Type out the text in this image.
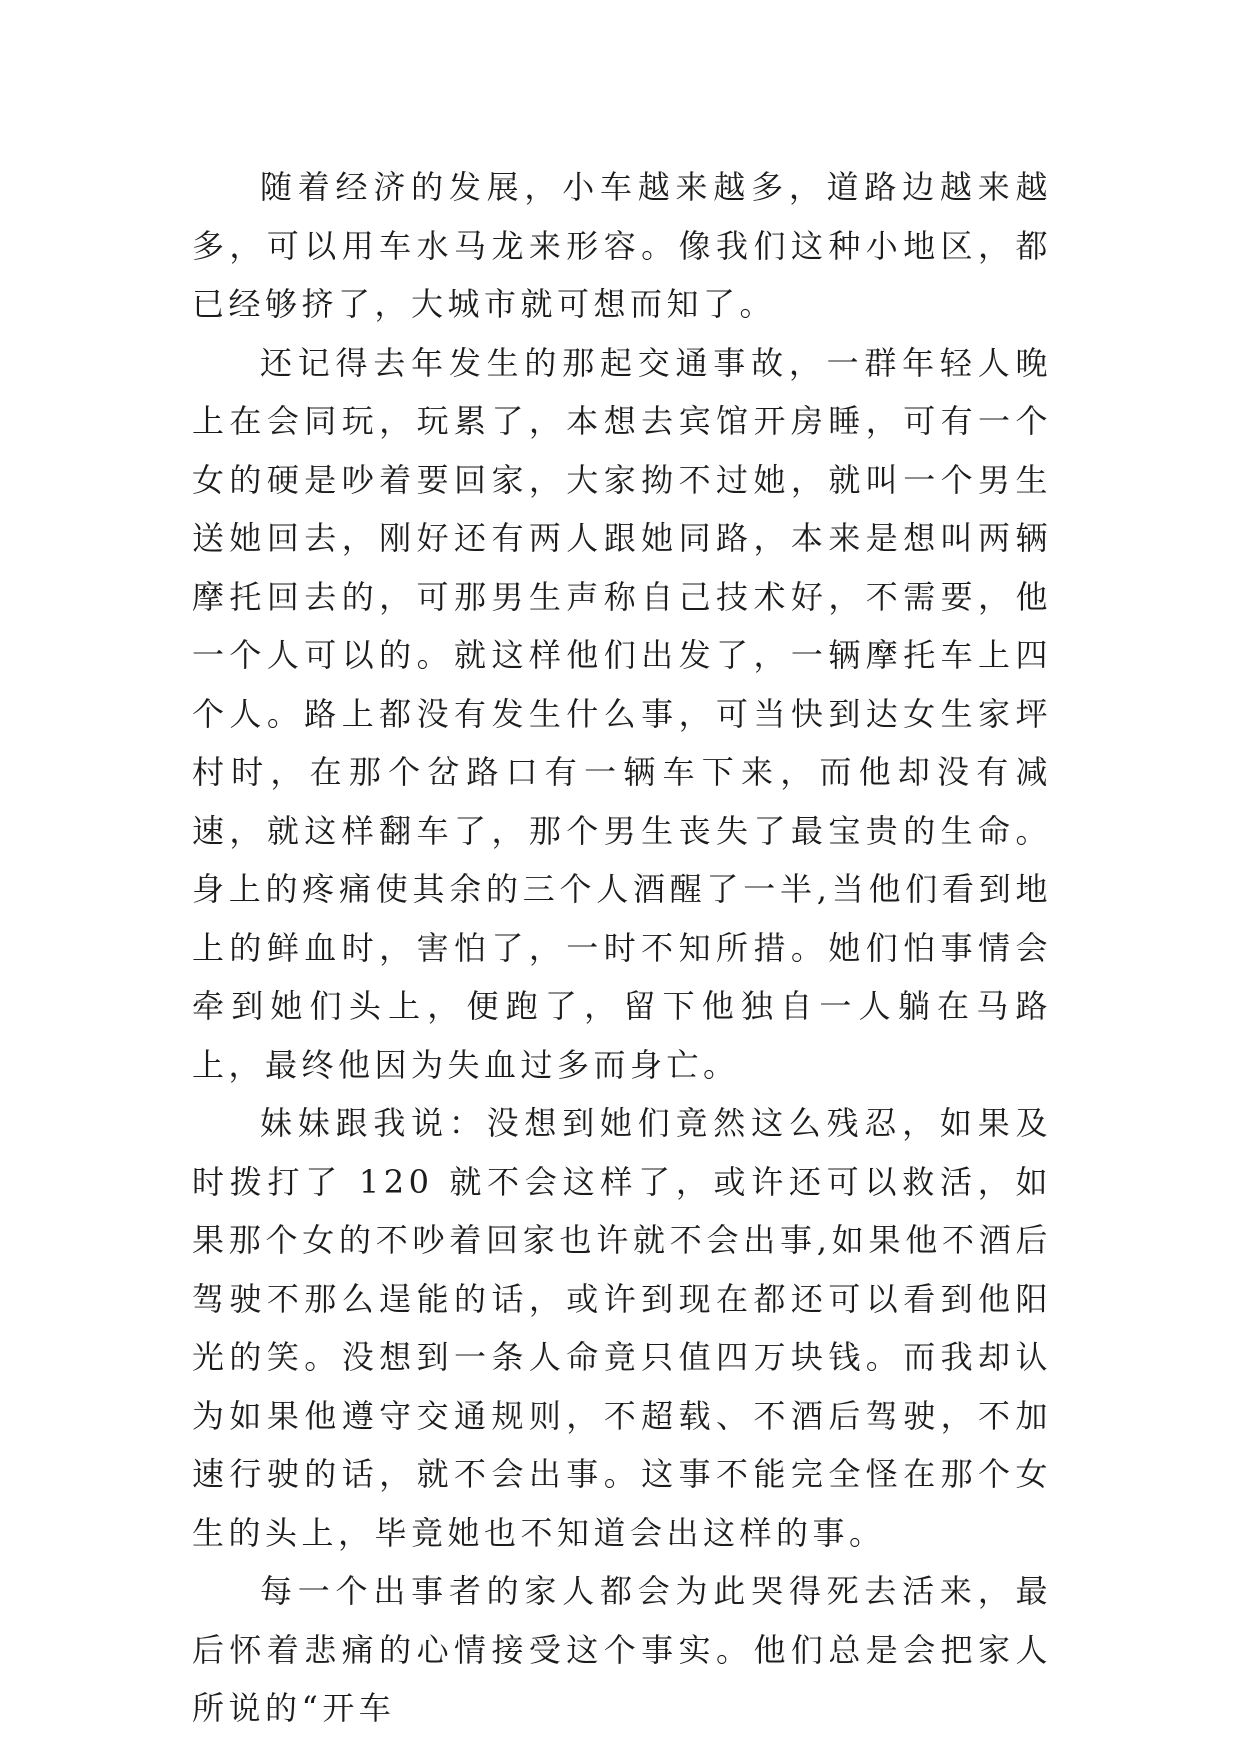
随着经济的发展，小车越来越多，道路边越来越多，可以用车水马龙来形容。像我们这种小地区，都已经够挤了，大城市就可想而知了。

还记得去年发生的那起交通事故，一群年轻人晚上在会同玩，玩累了，本想去宾馆开房睡，可有一个女的硬是吵着要回家，大家拗不过她，就叫一个男生送她回去，刚好还有两人跟她同路，本来是想叫两辆摩托回去的，可那男生声称自己技术好，不需要，他一个人可以的。就这样他们出发了，一辆摩托车上四个人。路上都没有发生什么事，可当快到达女生家坪村时，在那个岔路口有一辆车下来，而他却没有减速，就这样翻车了，那个男生丧失了最宝贵的生命。身上的疼痛使其余的三个人酒醒了一半,当他们看到地上的鲜血时，害怕了，一时不知所措。她们怕事情会牵到她们头上，便跑了，留下他独自一人躺在马路上，最终他因为失血过多而身亡。

妹妹跟我说：没想到她们竟然这么残忍，如果及时拨打了 120 就不会这样了，或许还可以救活，如果那个女的不吵着回家也许就不会出事,如果他不酒后驾驶不那么逞能的话，或许到现在都还可以看到他阳光的笑。没想到一条人命竟只值四万块钱。而我却认为如果他遵守交通规则，不超载、不酒后驾驶，不加速行驶的话，就不会出事。这事不能完全怪在那个女生的头上，毕竟她也不知道会出这样的事。

每一个出事者的家人都会为此哭得死去活来，最后怀着悲痛的心情接受这个事实。他们总是会把家人所说的“开车
